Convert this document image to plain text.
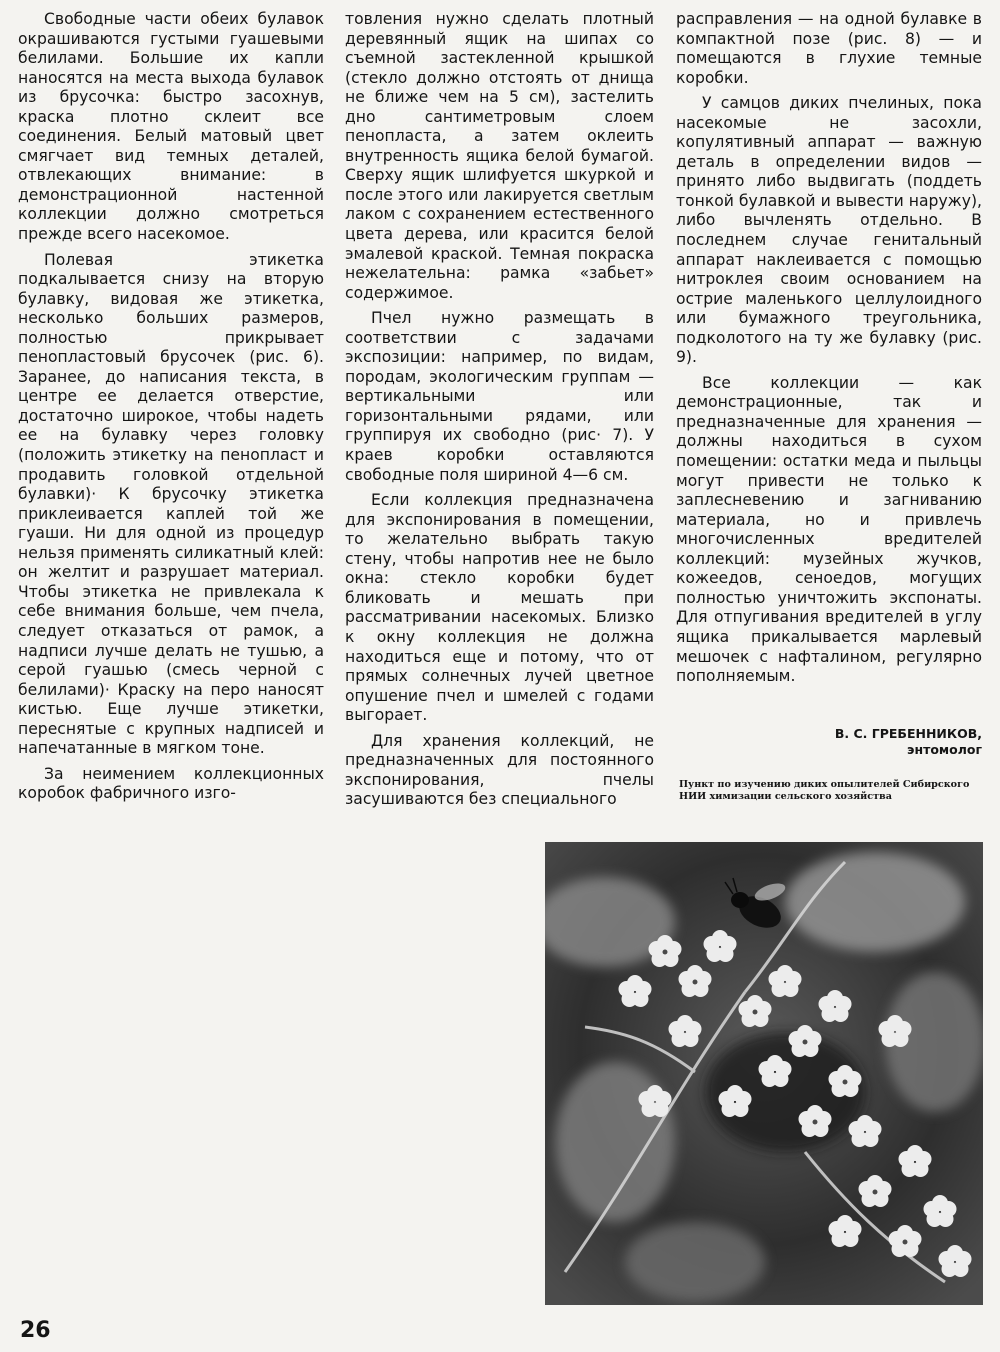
Свободные части обеих булавок окрашиваются густыми гуашевыми белилами. Большие их капли наносятся на места выхода булавок из брусочка: быстро засохнув, краска плотно склеит все соединения. Белый матовый цвет смягчает вид темных деталей, отвлекающих внимание: в демонстрационной настенной коллекции должно смотреться прежде всего насекомое.

Полевая этикетка подкалывается снизу на вторую булавку, видовая же этикетка, несколько больших размеров, полностью прикрывает пенопластовый брусочек (рис. 6). Заранее, до написания текста, в центре ее делается отверстие, достаточно широкое, чтобы надеть ее на булавку через головку (положить этикетку на пенопласт и продавить головкой отдельной булавки)· К брусочку этикетка приклеивается каплей той же гуаши. Ни для одной из процедур нельзя применять силикатный клей: он желтит и разрушает материал. Чтобы этикетка не привлекала к себе внимания больше, чем пчела, следует отказаться от рамок, а надписи лучше делать не тушью, а серой гуашью (смесь черной с белилами)· Краску на перо наносят кистью. Еще лучше этикетки, переснятые с крупных надписей и напечатанные в мягком тоне.

За неимением коллекционных коробок фабричного изго-

товления нужно сделать плотный деревянный ящик на шипах со съемной застекленной крышкой (стекло должно отстоять от днища не ближе чем на 5 см), застелить дно сантиметровым слоем пенопласта, а затем оклеить внутренность ящика белой бумагой. Сверху ящик шлифуется шкуркой и после этого или лакируется светлым лаком с сохранением естественного цвета дерева, или красится белой эмалевой краской. Темная покраска нежелательна: рамка «забьет» содержимое.

Пчел нужно размещать в соответствии с задачами экспозиции: например, по видам, породам, экологическим группам — вертикальными или горизонтальными рядами, или группируя их свободно (рис· 7). У краев коробки оставляются свободные поля шириной 4—6 см.

Если коллекция предназначена для экспонирования в помещении, то желательно выбрать такую стену, чтобы напротив нее не было окна: стекло коробки будет бликовать и мешать при рассматривании насекомых. Близко к окну коллекция не должна находиться еще и потому, что от прямых солнечных лучей цветное опушение пчел и шмелей с годами выгорает.

Для хранения коллекций, не предназначенных для постоянного экспонирования, пчелы засушиваются без специального

расправления — на одной булавке в компактной позе (рис. 8) — и помещаются в глухие темные коробки.

У самцов диких пчелиных, пока насекомые не засохли, копулятивный аппарат — важную деталь в определении видов — принято либо выдвигать (поддеть тонкой булавкой и вывести наружу), либо вычленять отдельно. В последнем случае генитальный аппарат наклеивается с помощью нитроклея своим основанием на острие маленького целлулоидного или бумажного треугольника, подколотого на ту же булавку (рис. 9).

Все коллекции — как демонстрационные, так и предназначенные для хранения — должны находиться в сухом помещении: остатки меда и пыльцы могут привести не только к заплесневению и загниванию материала, но и привлечь многочисленных вредителей коллекций: музейных жучков, кожеедов, сеноедов, могущих полностью уничтожить экспонаты. Для отпугивания вредителей в углу ящика прикалывается марлевый мешочек с нафталином, регулярно пополняемым.

В. С. ГРЕБЕННИКОВ,
энтомолог
Пункт по изучению диких опылителей Сибирского НИИ химизации сельского хозяйства
26
